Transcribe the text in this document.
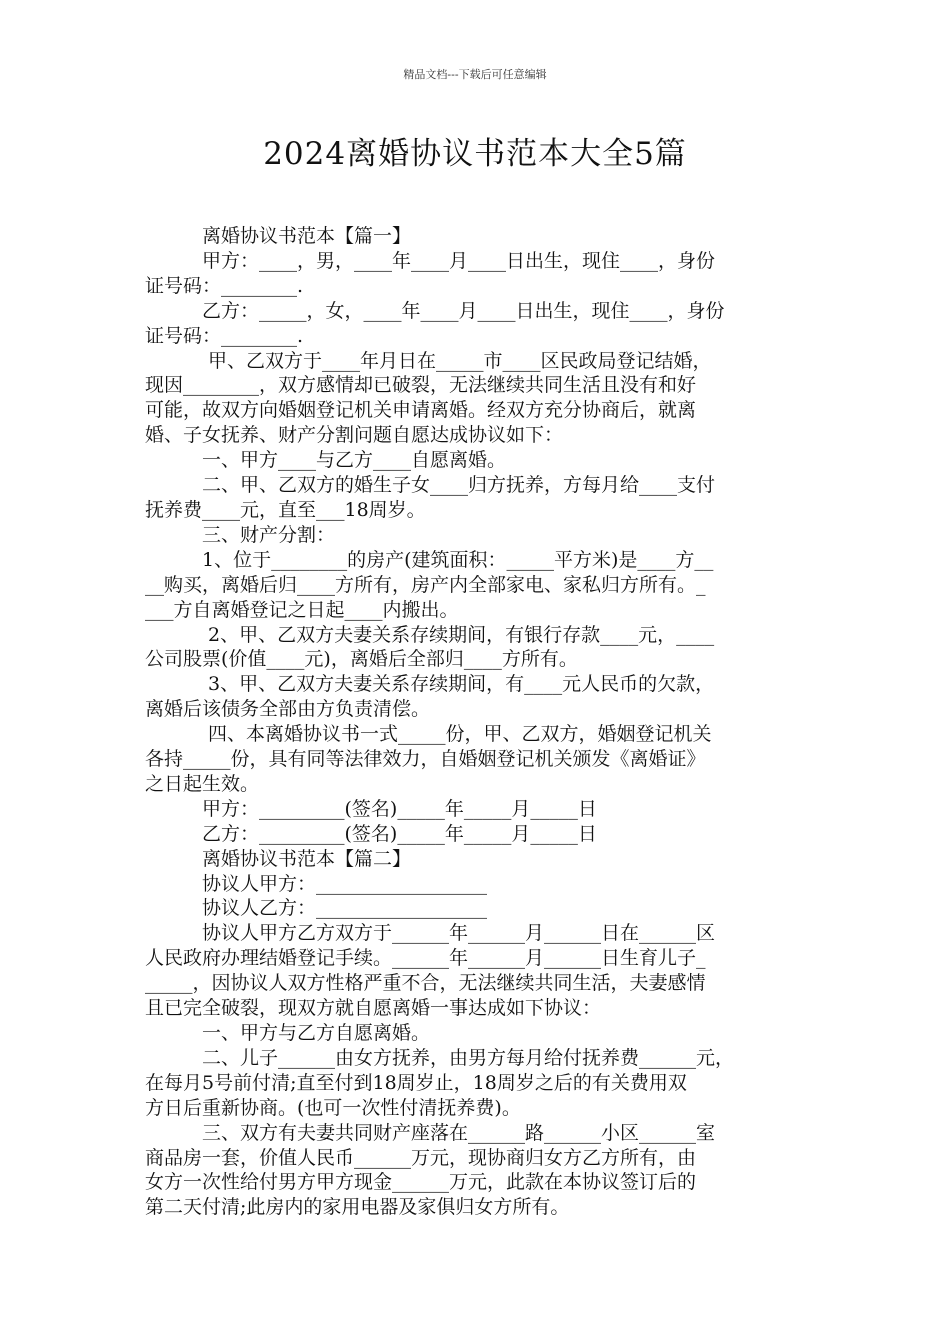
精品文档---下载后可任意编辑
2024离婚协议书范本大全5篇
离婚协议书范本【篇一】
甲方：____，男，____年____月____日出生，现住____，身份
证号码：________.
乙方：_____，女，____年____月____日出生，现住____，身份
证号码：________.
甲、乙双方于____年月日在_____市____区民政局登记结婚，
现因________，双方感情却已破裂，无法继续共同生活且没有和好
可能，故双方向婚姻登记机关申请离婚。经双方充分协商后，就离
婚、子女抚养、财产分割问题自愿达成协议如下：
一、甲方____与乙方____自愿离婚。
二、甲、乙双方的婚生子女____归方抚养，方每月给____支付
抚养费____元，直至___18周岁。
三、财产分割：
1、位于________的房产(建筑面积：_____平方米)是____方__
__购买，离婚后归____方所有，房产内全部家电、家私归方所有。_
___方自离婚登记之日起____内搬出。
2、甲、乙双方夫妻关系存续期间，有银行存款____元，____
公司股票(价值____元)，离婚后全部归____方所有。
3、甲、乙双方夫妻关系存续期间，有____元人民币的欠款，
离婚后该债务全部由方负责清偿。
四、本离婚协议书一式_____份，甲、乙双方，婚姻登记机关
各持_____份，具有同等法律效力，自婚姻登记机关颁发《离婚证》
之日起生效。
甲方：_________(签名)_____年_____月_____日
乙方：_________(签名)_____年_____月_____日
离婚协议书范本【篇二】
协议人甲方：__________________
协议人乙方：__________________
协议人甲方乙方双方于______年______月______日在______区
人民政府办理结婚登记手续。______年______月______日生育儿子_
_____，因协议人双方性格严重不合，无法继续共同生活，夫妻感情
且已完全破裂，现双方就自愿离婚一事达成如下协议：
一、甲方与乙方自愿离婚。
二、儿子______由女方抚养，由男方每月给付抚养费______元，
在每月5号前付清;直至付到18周岁止，18周岁之后的有关费用双
方日后重新协商。(也可一次性付清抚养费)。
三、双方有夫妻共同财产座落在______路______小区______室
商品房一套，价值人民币______万元，现协商归女方乙方所有，由
女方一次性给付男方甲方现金______万元，此款在本协议签订后的
第二天付清;此房内的家用电器及家俱归女方所有。
